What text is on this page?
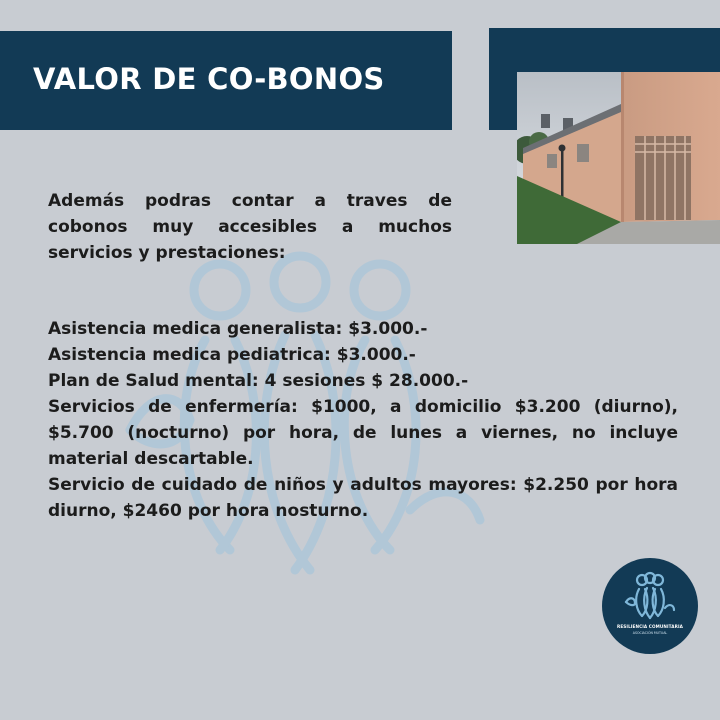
VALOR DE CO-BONOS

Además podras contar a traves de cobonos muy accesibles a muchos servicios y prestaciones:

Asistencia medica generalista: $3.000.-
Asistencia medica pediatrica: $3.000.-
Plan de Salud mental: 4 sesiones $ 28.000.-
Servicios de enfermería: $1000, a domicilio $3.200 (diurno), $5.700 (nocturno) por hora, de lunes a viernes, no incluye material descartable.
Servicio de cuidado de niños y adultos mayores: $2.250 por hora diurno, $2460 por hora nosturno.
RESILIENCIA COMUNITARIA
ASOCIACIÓN MUTUAL
